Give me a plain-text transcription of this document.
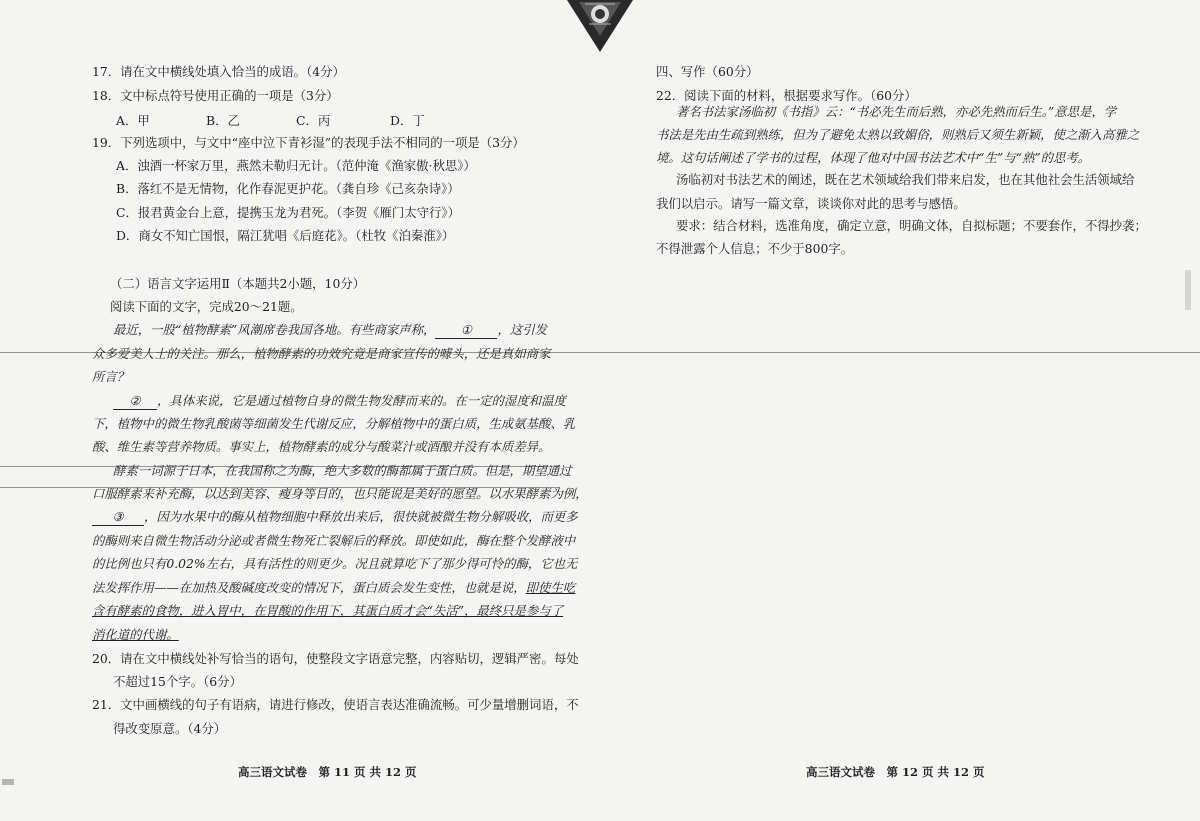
17．请在文中横线处填入恰当的成语。（4分）
18．文中标点符号使用正确的一项是（3分）
A．甲	B．乙	C．丙	D．丁
19．下列选项中，与文中“座中泣下青衫湿”的表现手法不相同的一项是（3分）
A．浊酒一杯家万里，燕然未勒归无计。（范仲淹《渔家傲·秋思》）
B．落红不是无情物，化作春泥更护花。（龚自珍《己亥杂诗》）
C．报君黄金台上意，提携玉龙为君死。（李贺《雁门太守行》）
D．商女不知亡国恨，隔江犹唱《后庭花》。（杜牧《泊秦淮》）
（二）语言文字运用Ⅱ（本题共2小题，10分）
阅读下面的文字，完成20～21题。
最近，一股“植物酵素”风潮席卷我国各地。有些商家声称， ① ，这引发
众多爱美人士的关注。那么，植物酵素的功效究竟是商家宣传的噱头，还是真如商家
所言？
② ，具体来说，它是通过植物自身的微生物发酵而来的。在一定的湿度和温度
下，植物中的微生物乳酸菌等细菌发生代谢反应，分解植物中的蛋白质，生成氨基酸、乳
酸、维生素等营养物质。事实上，植物酵素的成分与酸菜汁或酒酿并没有本质差异。
酵素一词源于日本，在我国称之为酶，绝大多数的酶都属于蛋白质。但是，期望通过
口服酵素来补充酶，以达到美容、瘦身等目的，也只能说是美好的愿望。以水果酵素为例，
③ ，因为水果中的酶从植物细胞中释放出来后，很快就被微生物分解吸收，而更多
的酶则来自微生物活动分泌或者微生物死亡裂解后的释放。即使如此，酶在整个发酵液中
的比例也只有0.02%左右，具有活性的则更少。况且就算吃下了那少得可怜的酶，它也无
法发挥作用——在加热及酸碱度改变的情况下，蛋白质会发生变性，也就是说，即使生吃
含有酵素的食物，进入胃中，在胃酸的作用下，其蛋白质才会“失活”，最终只是参与了
消化道的代谢。
20．请在文中横线处补写恰当的语句，使整段文字语意完整，内容贴切，逻辑严密。每处
不超过15个字。（6分）
21．文中画横线的句子有语病，请进行修改，使语言表达准确流畅。可少量增删词语，不
得改变原意。（4分）
高三语文试卷　第 11 页 共 12 页
四、写作（60分）
22．阅读下面的材料，根据要求写作。（60分）
著名书法家汤临初《书指》云：“书必先生而后熟，亦必先熟而后生。”意思是，学
书法是先由生疏到熟练，但为了避免太熟以致媚俗，则熟后又须生新颖，使之渐入高雅之
境。这句话阐述了学书的过程，体现了他对中国书法艺术中“生”与“熟”的思考。
汤临初对书法艺术的阐述，既在艺术领域给我们带来启发，也在其他社会生活领域给
我们以启示。请写一篇文章，谈谈你对此的思考与感悟。
要求：结合材料，选准角度，确定立意，明确文体，自拟标题；不要套作，不得抄袭；
不得泄露个人信息；不少于800字。
高三语文试卷　第 12 页 共 12 页
